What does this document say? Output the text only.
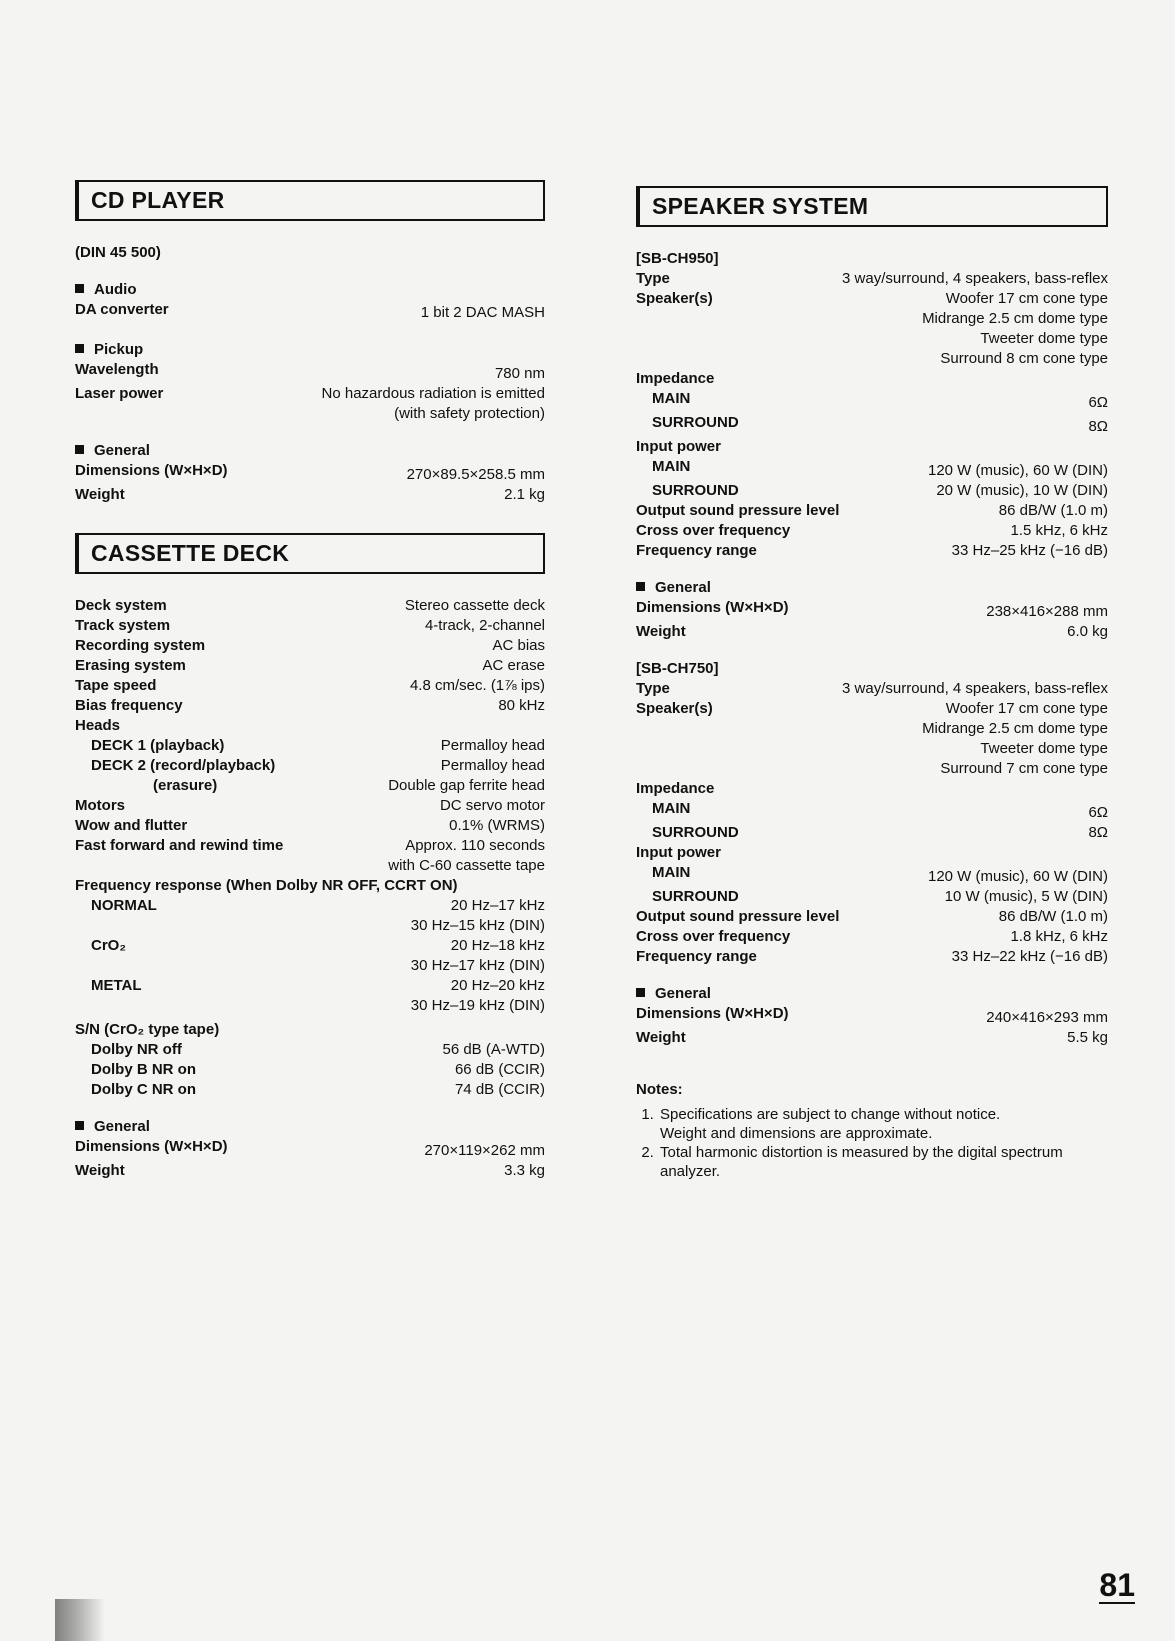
CD PLAYER
(DIN 45 500)
Audio
DA converter	1 bit 2 DAC MASH
Pickup
Wavelength	780 nm
Laser power	No hazardous radiation is emitted
(with safety protection)
General
Dimensions (W×H×D)	270×89.5×258.5 mm
Weight	2.1 kg
CASSETTE DECK
Deck system	Stereo cassette deck
Track system	4-track, 2-channel
Recording system	AC bias
Erasing system	AC erase
Tape speed	4.8 cm/sec. (1⅞ ips)
Bias frequency	80 kHz
Heads
DECK 1 (playback)	Permalloy head
DECK 2 (record/playback)	Permalloy head
(erasure)	Double gap ferrite head
Motors	DC servo motor
Wow and flutter	0.1% (WRMS)
Fast forward and rewind time	Approx. 110 seconds
with C-60 cassette tape
Frequency response (When Dolby NR OFF, CCRT ON)
NORMAL	20 Hz–17 kHz
30 Hz–15 kHz (DIN)
CrO₂	20 Hz–18 kHz
30 Hz–17 kHz (DIN)
METAL	20 Hz–20 kHz
30 Hz–19 kHz (DIN)
S/N (CrO₂ type tape)
Dolby NR off	56 dB (A-WTD)
Dolby B NR on	66 dB (CCIR)
Dolby C NR on	74 dB (CCIR)
General
Dimensions (W×H×D)	270×119×262 mm
Weight	3.3 kg
SPEAKER SYSTEM
[SB-CH950]
Type	3 way/surround, 4 speakers, bass-reflex
Speaker(s)	Woofer 17 cm cone type
Midrange 2.5 cm dome type
Tweeter dome type
Surround 8 cm cone type
Impedance
MAIN	6Ω
SURROUND	8Ω
Input power
MAIN	120 W (music), 60 W (DIN)
SURROUND	20 W (music), 10 W (DIN)
Output sound pressure level	86 dB/W (1.0 m)
Cross over frequency	1.5 kHz, 6 kHz
Frequency range	33 Hz–25 kHz (−16 dB)
General
Dimensions (W×H×D)	238×416×288 mm
Weight	6.0 kg
[SB-CH750]
Type	3 way/surround, 4 speakers, bass-reflex
Speaker(s)	Woofer 17 cm cone type
Midrange 2.5 cm dome type
Tweeter dome type
Surround 7 cm cone type
Impedance
MAIN	6Ω
SURROUND	8Ω
Input power
MAIN	120 W (music), 60 W (DIN)
SURROUND	10 W (music), 5 W (DIN)
Output sound pressure level	86 dB/W (1.0 m)
Cross over frequency	1.8 kHz, 6 kHz
Frequency range	33 Hz–22 kHz (−16 dB)
General
Dimensions (W×H×D)	240×416×293 mm
Weight	5.5 kg
Notes:
1. Specifications are subject to change without notice.
Weight and dimensions are approximate.
2. Total harmonic distortion is measured by the digital spectrum analyzer.
81
